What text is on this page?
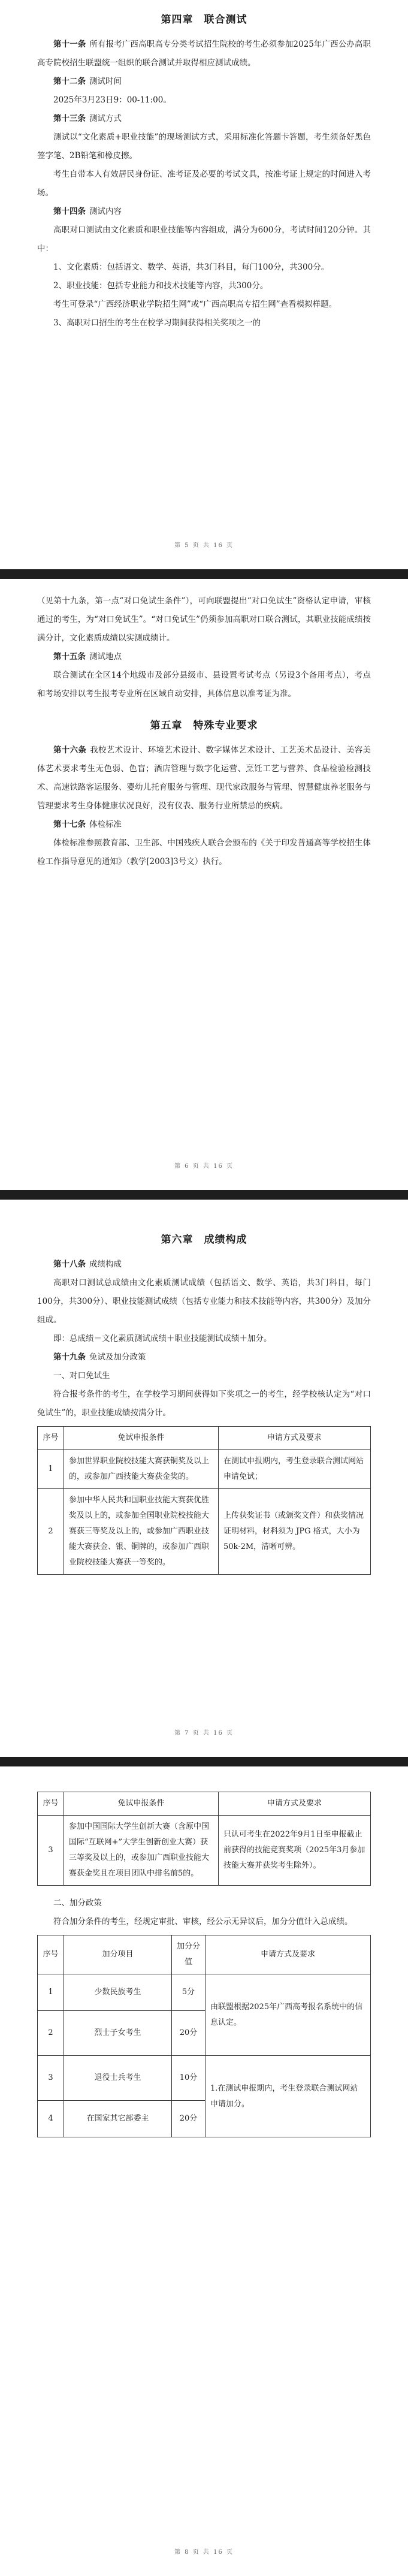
第四章　联合测试

第十一条 所有报考广西高职高专分类考试招生院校的考生必须参加2025年广西公办高职高专院校招生联盟统一组织的联合测试并取得相应测试成绩。

第十二条 测试时间

2025年3月23日9：00-11:00。

第十三条 测试方式

测试以“文化素质+职业技能”的现场测试方式，采用标准化答题卡答题，考生须备好黑色签字笔、2B铅笔和橡皮擦。

考生自带本人有效居民身份证、准考证及必要的考试文具，按准考证上规定的时间进入考场。

第十四条 测试内容

高职对口测试由文化素质和职业技能等内容组成，满分为600分，考试时间120分钟。其中：

1、文化素质：包括语文、数学、英语，共3门科目，每门100分，共300分。

2、职业技能：包括专业能力和技术技能等内容，共300分。

考生可登录“广西经济职业学院招生网”或“广西高职高专招生网”查看模拟样题。

3、高职对口招生的考生在校学习期间获得相关奖项之一的

第 5 页 共 16 页

（见第十九条，第一点“对口免试生条件”），可向联盟提出“对口免试生”资格认定申请，审核通过的考生，为“对口免试生”。“对口免试生”仍须参加高职对口联合测试，其职业技能成绩按满分计，文化素质成绩以实测成绩计。

第十五条 测试地点

联合测试在全区14个地级市及部分县级市、县设置考试考点（另设3个备用考点），考点和考场安排以考生报考专业所在区域自动安排，具体信息以准考证为准。

第五章　特殊专业要求

第十六条 我校艺术设计、环境艺术设计、数字媒体艺术设计、工艺美术品设计、美容美体艺术要求考生无色弱、色盲；酒店管理与数字化运营、烹饪工艺与营养、食品检验检测技术、高速铁路客运服务、婴幼儿托育服务与管理、现代家政服务与管理、智慧健康养老服务与管理要求考生身体健康状况良好，没有仪表、服务行业所禁忌的疾病。

第十七条 体检标准

体检标准参照教育部、卫生部、中国残疾人联合会颁布的《关于印发普通高等学校招生体检工作指导意见的通知》（教学[2003]3号文）执行。

第 6 页 共 16 页
第六章　成绩构成

第十八条 成绩构成

高职对口测试总成绩由文化素质测试成绩（包括语文、数学、英语，共3门科目，每门100分，共300分）、职业技能测试成绩（包括专业能力和技术技能等内容，共300分）及加分组成。

即：总成绩＝文化素质测试成绩＋职业技能测试成绩＋加分。

第十九条 免试及加分政策

一、对口免试生

符合报考条件的考生，在学校学习期间获得如下奖项之一的考生，经学校核认定为“对口免试生”的，职业技能成绩按满分计。

序号	免试申报条件	申请方式及要求
1	参加世界职业院校技能大赛获铜奖及以上的，或参加广西技能大赛获金奖的。	在测试申报期内，考生登录联合测试网站申请免试；
2	参加中华人民共和国职业技能大赛获优胜奖及以上的，或参加全国职业院校技能大赛获三等奖及以上的，或参加广西职业技能大赛获金、银、铜牌的，或参加广西职业院校技能大赛获一等奖的。	上传获奖证书（或颁奖文件）和获奖情况证明材料，材料须为 JPG 格式，大小为 50k-2M，清晰可辨。
第 7 页 共 16 页
序号	免试申报条件	申请方式及要求
3	参加中国国际大学生创新大赛（含原中国国际“互联网+”大学生创新创业大赛）获三等奖及以上的，或参加广西职业技能大赛获金奖且在项目团队中排名前5的。	只认可考生在2022年9月1日至申报截止前获得的技能竞赛奖项（2025年3月参加技能大赛并获奖考生除外）。

二、加分政策

符合加分条件的考生，经规定审批、审核，经公示无异议后，加分分值计入总成绩。

序号	加分项目	加分分值	申请方式及要求
1	少数民族考生	5分	由联盟根据2025年广西高考报名系统中的信息认定。
2	烈士子女考生	20分	
3	退役士兵考生	10分	1.在测试申报期内，考生登录联合测试网站申请加分。
4	在国家其它部委主	20分	
第 8 页 共 16 页
